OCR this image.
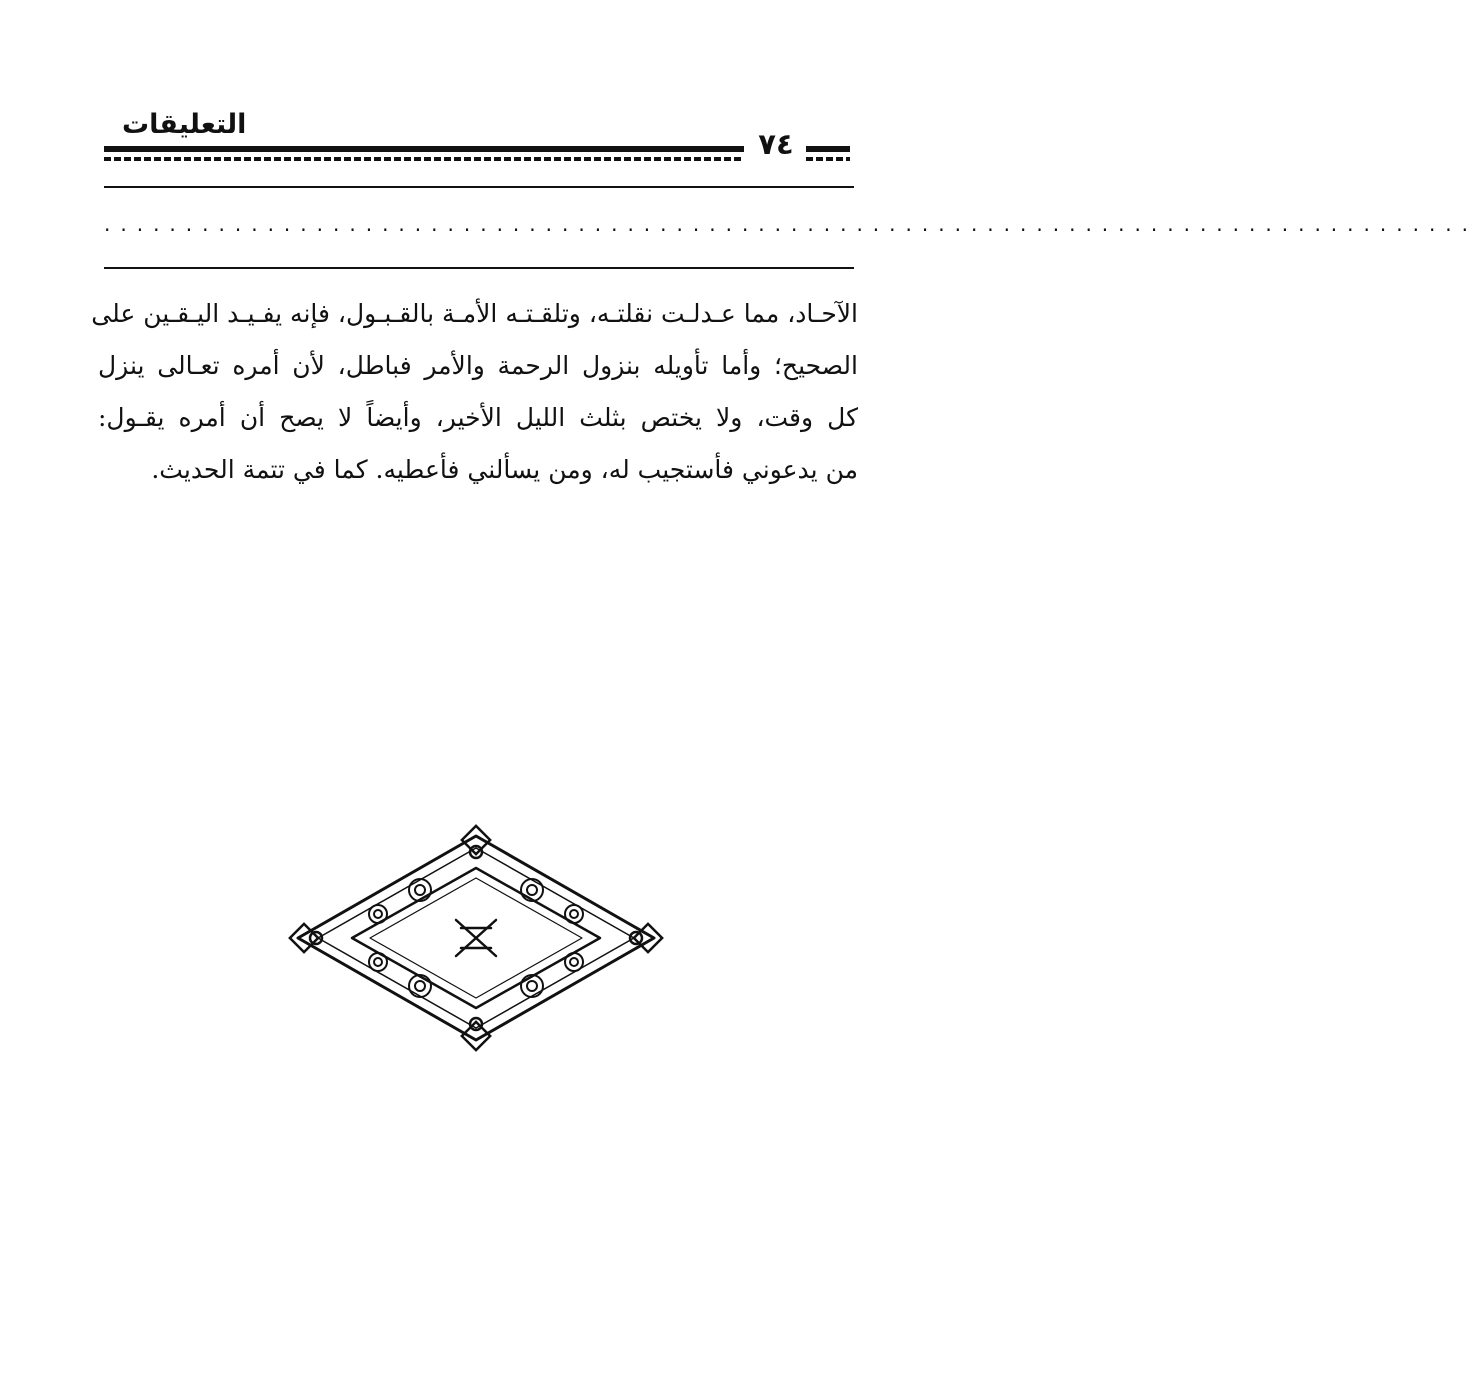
التعليقات
٧٤
....................................................................................
الآحـاد، مما عـدلـت نقلتـه، وتلقـتـه الأمـة بالقـبـول، فإنه يفـيـد اليـقـين على
الصحيح؛ وأما تأويله بنزول الرحمة والأمر فباطل، لأن أمره تعـالى ينزل
كل وقت، ولا يختص بثلث الليل الأخير، وأيضاً لا يصح أن أمره يقـول:
من يدعوني فأستجيب له، ومن يسألني فأعطيه. كما في تتمة الحديث.
